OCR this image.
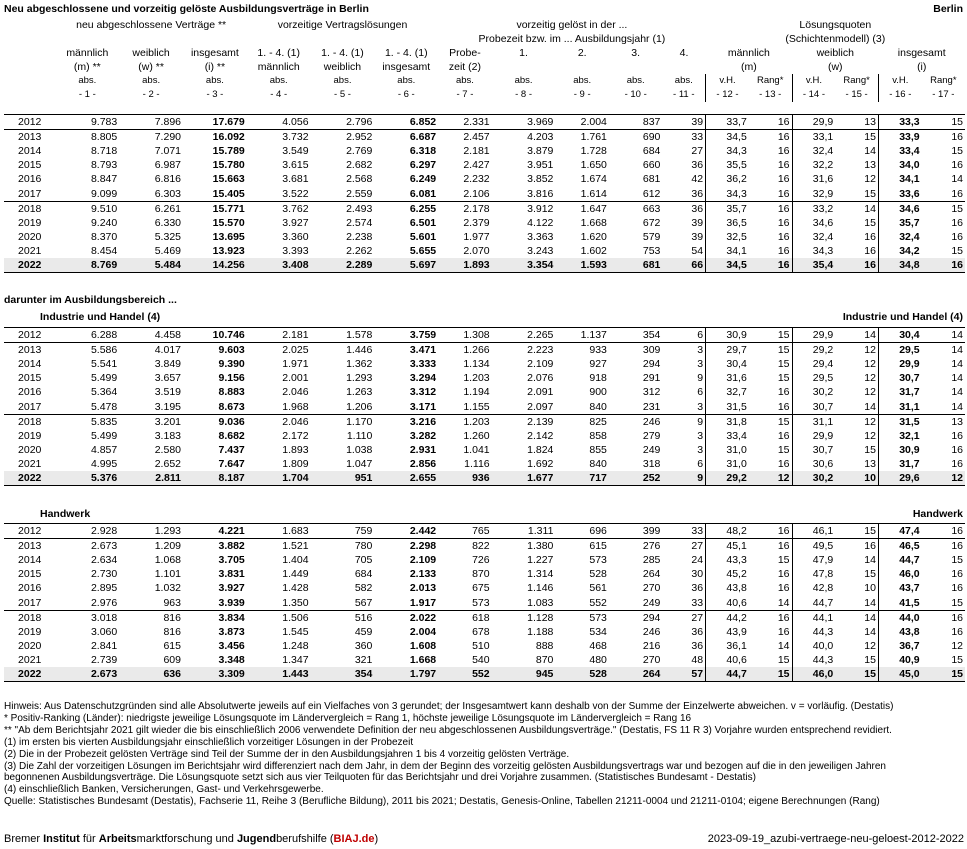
Neu abgeschlossene und vorzeitig gelöste Ausbildungsverträge in Berlin	Berlin
	neu abgeschlossene Verträge **			vorzeitige Vertragslösungen			vorzeitig gelöst in der ...					Lösungsquoten					
							Probezeit bzw. im ... Ausbildungsjahr (1)					(Schichtenmodell) (3)					
	männlich	weiblich	insgesamt	1. - 4. (1)	1. - 4. (1)	1. - 4. (1)	Probe-	1.	2.	3.	4.	männlich		weiblich		insgesamt	
	(m) **	(w) **	(i) **	männlich	weiblich	insgesamt	zeit (2)					(m)		(w)		(i)	
	abs.	abs.	abs.	abs.	abs.	abs.	abs.	abs.	abs.	abs.	abs.	v.H.	Rang*	v.H.	Rang*	v.H.	Rang*
	- 1 -	- 2 -	- 3 -	- 4 -	- 5 -	- 6 -	- 7 -	- 8 -	- 9 -	- 10 -	- 11 -	- 12 -	- 13 -	- 14 -	- 15 -	- 16 -	- 17 -
2012	9.783	7.896	17.679	4.056	2.796	6.852	2.331	3.969	2.004	837	39	33,7	16	29,9	13	33,3	15
2013	8.805	7.290	16.092	3.732	2.952	6.687	2.457	4.203	1.761	690	33	34,5	16	33,1	15	33,9	16
2014	8.718	7.071	15.789	3.549	2.769	6.318	2.181	3.879	1.728	684	27	34,3	16	32,4	14	33,4	15
2015	8.793	6.987	15.780	3.615	2.682	6.297	2.427	3.951	1.650	660	36	35,5	16	32,2	13	34,0	16
2016	8.847	6.816	15.663	3.681	2.568	6.249	2.232	3.852	1.674	681	42	36,2	16	31,6	12	34,1	14
2017	9.099	6.303	15.405	3.522	2.559	6.081	2.106	3.816	1.614	612	36	34,3	16	32,9	15	33,6	16
2018	9.510	6.261	15.771	3.762	2.493	6.255	2.178	3.912	1.647	663	36	35,7	16	33,2	14	34,6	15
2019	9.240	6.330	15.570	3.927	2.574	6.501	2.379	4.122	1.668	672	39	36,5	16	34,6	15	35,7	16
2020	8.370	5.325	13.695	3.360	2.238	5.601	1.977	3.363	1.620	579	39	32,5	16	32,4	16	32,4	16
2021	8.454	5.469	13.923	3.393	2.262	5.655	2.070	3.243	1.602	753	54	34,1	16	34,3	16	34,2	15
2022	8.769	5.484	14.256	3.408	2.289	5.697	1.893	3.354	1.593	681	66	34,5	16	35,4	16	34,8	16
darunter im Ausbildungsbereich ...
Industrie und Handel (4)	Industrie und Handel (4)
2012	6.288	4.458	10.746	2.181	1.578	3.759	1.308	2.265	1.137	354	6	30,9	15	29,9	14	30,4	14
2013	5.586	4.017	9.603	2.025	1.446	3.471	1.266	2.223	933	309	3	29,7	15	29,2	12	29,5	14
2014	5.541	3.849	9.390	1.971	1.362	3.333	1.134	2.109	927	294	3	30,4	15	29,4	12	29,9	14
2015	5.499	3.657	9.156	2.001	1.293	3.294	1.203	2.076	918	291	9	31,6	15	29,5	12	30,7	14
2016	5.364	3.519	8.883	2.046	1.263	3.312	1.194	2.091	900	312	6	32,7	16	30,2	12	31,7	14
2017	5.478	3.195	8.673	1.968	1.206	3.171	1.155	2.097	840	231	3	31,5	16	30,7	14	31,1	14
2018	5.835	3.201	9.036	2.046	1.170	3.216	1.203	2.139	825	246	9	31,8	15	31,1	12	31,5	13
2019	5.499	3.183	8.682	2.172	1.110	3.282	1.260	2.142	858	279	3	33,4	16	29,9	12	32,1	16
2020	4.857	2.580	7.437	1.893	1.038	2.931	1.041	1.824	855	249	3	31,0	15	30,7	15	30,9	16
2021	4.995	2.652	7.647	1.809	1.047	2.856	1.116	1.692	840	318	6	31,0	16	30,6	13	31,7	16
2022	5.376	2.811	8.187	1.704	951	2.655	936	1.677	717	252	9	29,2	12	30,2	10	29,6	12
Handwerk	Handwerk
2012	2.928	1.293	4.221	1.683	759	2.442	765	1.311	696	399	33	48,2	16	46,1	15	47,4	16
2013	2.673	1.209	3.882	1.521	780	2.298	822	1.380	615	276	27	45,1	16	49,5	16	46,5	16
2014	2.634	1.068	3.705	1.404	705	2.109	726	1.227	573	285	24	43,3	15	47,9	14	44,7	15
2015	2.730	1.101	3.831	1.449	684	2.133	870	1.314	528	264	30	45,2	16	47,8	15	46,0	16
2016	2.895	1.032	3.927	1.428	582	2.013	675	1.146	561	270	36	43,8	16	42,8	10	43,7	16
2017	2.976	963	3.939	1.350	567	1.917	573	1.083	552	249	33	40,6	14	44,7	14	41,5	15
2018	3.018	816	3.834	1.506	516	2.022	618	1.128	573	294	27	44,2	16	44,1	14	44,0	16
2019	3.060	816	3.873	1.545	459	2.004	678	1.188	534	246	36	43,9	16	44,3	14	43,8	16
2020	2.841	615	3.456	1.248	360	1.608	510	888	468	216	36	36,1	14	40,0	12	36,7	12
2021	2.739	609	3.348	1.347	321	1.668	540	870	480	270	48	40,6	15	44,3	15	40,9	15
2022	2.673	636	3.309	1.443	354	1.797	552	945	528	264	57	44,7	15	46,0	15	45,0	15
Hinweis: Aus Datenschutzgründen sind alle Absolutwerte jeweils auf ein Vielfaches von 3 gerundet; der Insgesamtwert kann deshalb von der Summe der Einzelwerte abweichen. v = vorläufig. (Destatis)
* Positiv-Ranking (Länder): niedrigste jeweilige Lösungsquote im Ländervergleich = Rang 1, höchste jeweilige Lösungsquote im Ländervergleich = Rang 16
** "Ab dem Berichtsjahr 2021 gilt wieder die bis einschließlich 2006 verwendete Definition der neu abgeschlossenen Ausbildungsverträge." (Destatis, FS 11 R 3) Vorjahre wurden entsprechend revidiert.
(1) im ersten bis vierten Ausbildungsjahr einschließlich vorzeitiger Lösungen in der Probezeit
(2) Die in der Probezeit gelösten Verträge sind Teil der Summe der in den Ausbildungsjahren 1 bis 4 vorzeitig gelösten Verträge.
(3) Die Zahl der vorzeitigen Lösungen im Berichtsjahr wird differenziert nach dem Jahr, in dem der Beginn des vorzeitig gelösten Ausbildungsvertrags war und bezogen auf die in den jeweiligen Jahren
begonnenen Ausbildungsverträge. Die Lösungsquote setzt sich aus vier Teilquoten für das Berichtsjahr und drei Vorjahre zusammen. (Statistisches Bundesamt - Destatis)
(4) einschließlich Banken, Versicherungen, Gast- und Verkehrsgewerbe.
Quelle: Statistisches Bundesamt (Destatis), Fachserie 11, Reihe 3 (Berufliche Bildung), 2011 bis 2021; Destatis, Genesis-Online, Tabellen 21211-0004 und 21211-0104; eigene Berechnungen (Rang)
Bremer Institut für Arbeitsmarktforschung und Jugendberufshilfe (BIAJ.de)	2023-09-19_azubi-vertraege-neu-geloest-2012-2022
